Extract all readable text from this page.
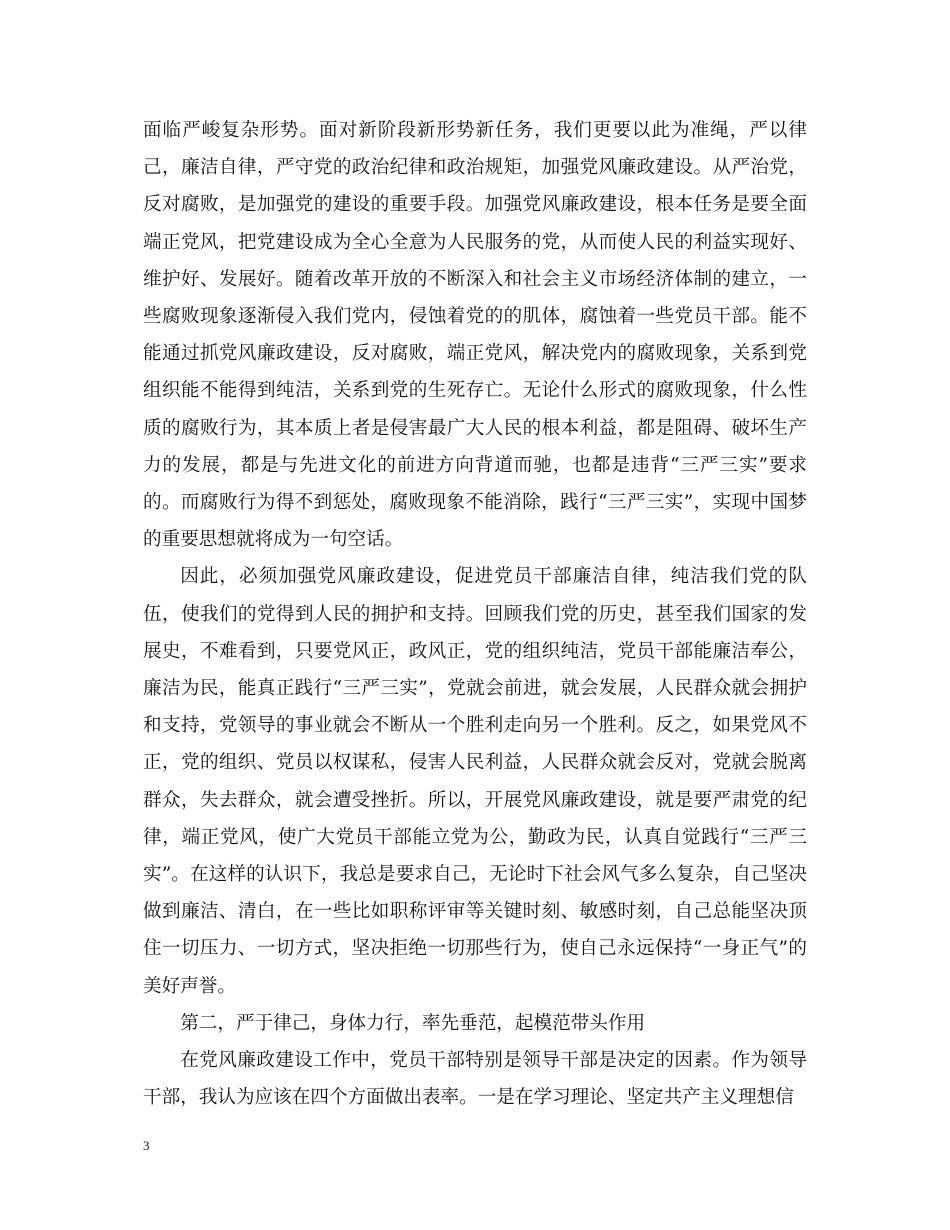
面临严峻复杂形势。面对新阶段新形势新任务，我们更要以此为准绳，严以律己，廉洁自律，严守党的政治纪律和政治规矩，加强党风廉政建设。从严治党，反对腐败，是加强党的建设的重要手段。加强党风廉政建设，根本任务是要全面端正党风，把党建设成为全心全意为人民服务的党，从而使人民的利益实现好、维护好、发展好。随着改革开放的不断深入和社会主义市场经济体制的建立，一些腐败现象逐渐侵入我们党内，侵蚀着党的的肌体，腐蚀着一些党员干部。能不能通过抓党风廉政建设，反对腐败，端正党风，解决党内的腐败现象，关系到党组织能不能得到纯洁，关系到党的生死存亡。无论什么形式的腐败现象，什么性质的腐败行为，其本质上者是侵害最广大人民的根本利益，都是阻碍、破坏生产力的发展，都是与先进文化的前进方向背道而驰，也都是违背“三严三实”要求的。而腐败行为得不到惩处，腐败现象不能消除，践行“三严三实”，实现中国梦的重要思想就将成为一句空话。

因此，必须加强党风廉政建设，促进党员干部廉洁自律，纯洁我们党的队伍，使我们的党得到人民的拥护和支持。回顾我们党的历史，甚至我们国家的发展史，不难看到，只要党风正，政风正，党的组织纯洁，党员干部能廉洁奉公，廉洁为民，能真正践行“三严三实”，党就会前进，就会发展，人民群众就会拥护和支持，党领导的事业就会不断从一个胜利走向另一个胜利。反之，如果党风不正，党的组织、党员以权谋私，侵害人民利益，人民群众就会反对，党就会脱离群众，失去群众，就会遭受挫折。所以，开展党风廉政建设，就是要严肃党的纪律，端正党风，使广大党员干部能立党为公，勤政为民，认真自觉践行“三严三实”。在这样的认识下，我总是要求自己，无论时下社会风气多么复杂，自己坚决做到廉洁、清白，在一些比如职称评审等关键时刻、敏感时刻，自己总能坚决顶住一切压力、一切方式，坚决拒绝一切那些行为，使自己永远保持“一身正气”的美好声誉。

第二，严于律己，身体力行，率先垂范，起模范带头作用

在党风廉政建设工作中，党员干部特别是领导干部是决定的因素。作为领导干部，我认为应该在四个方面做出表率。一是在学习理论、坚定共产主义理想信

3
